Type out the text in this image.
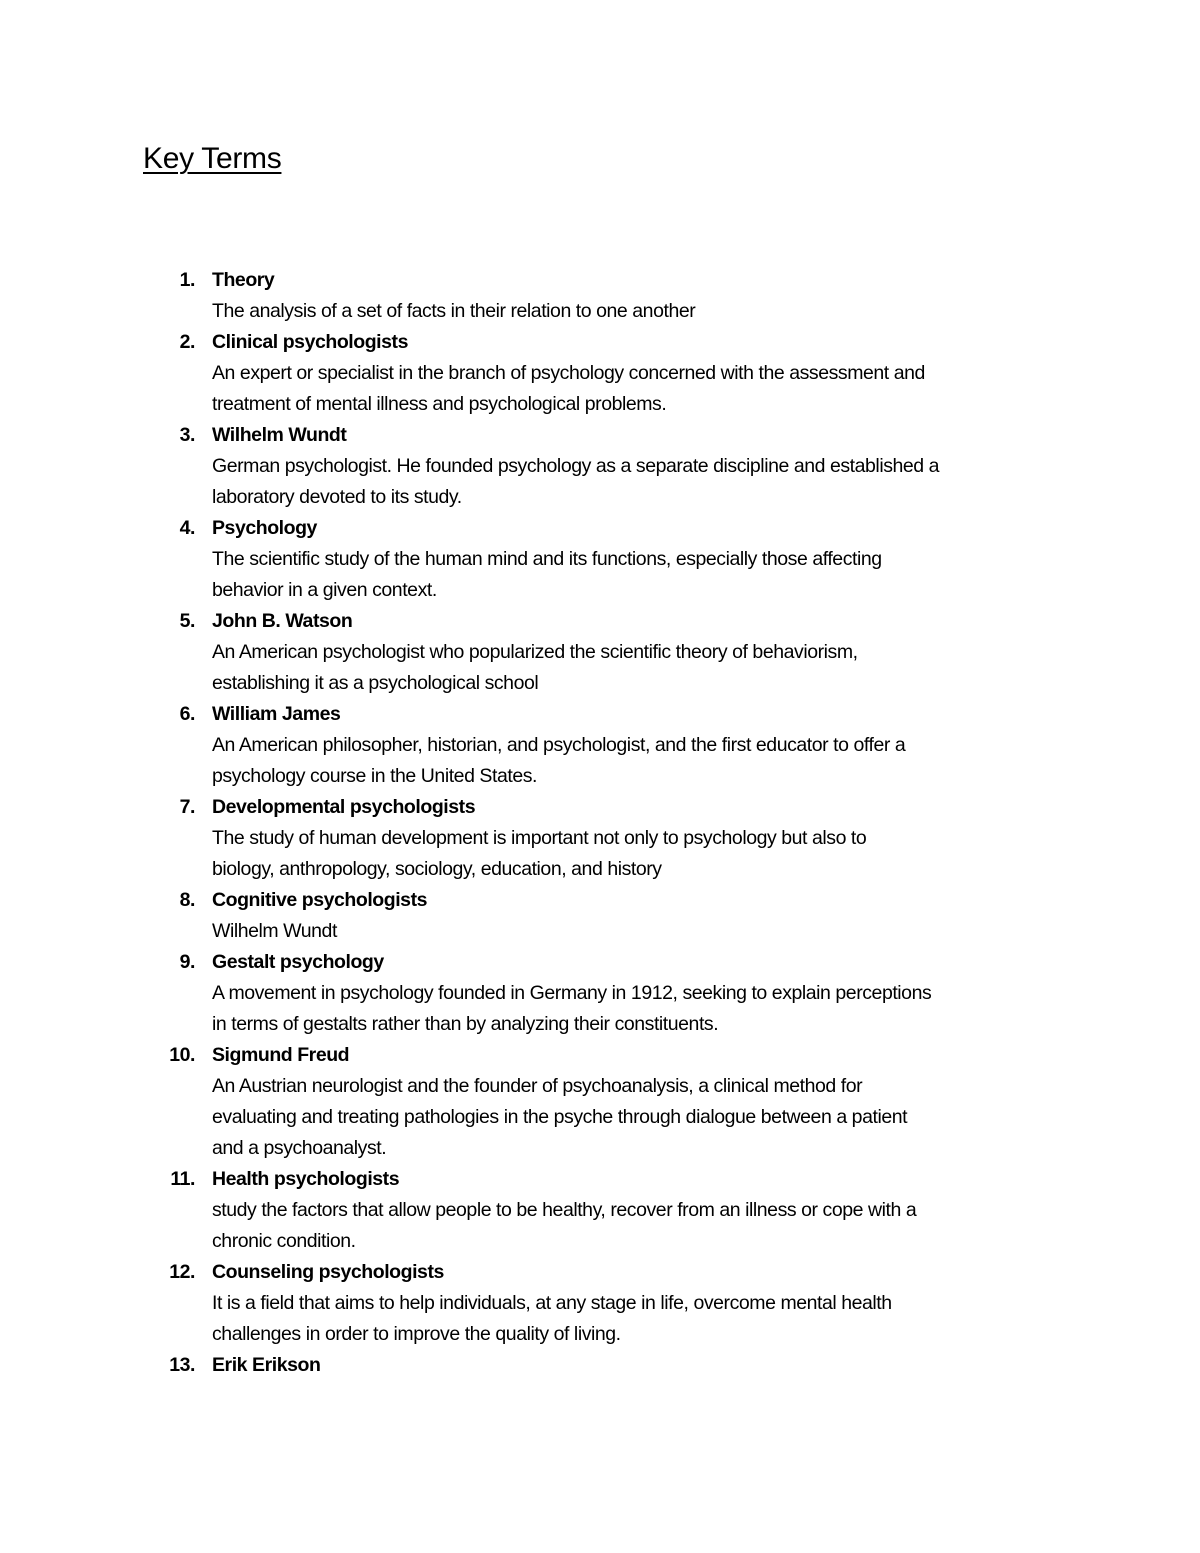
Key Terms
1. Theory
The analysis of a set of facts in their relation to one another
2. Clinical psychologists
An expert or specialist in the branch of psychology concerned with the assessment and
treatment of mental illness and psychological problems.
3. Wilhelm Wundt
German psychologist. He founded psychology as a separate discipline and established a
laboratory devoted to its study.
4. Psychology
The scientific study of the human mind and its functions, especially those affecting
behavior in a given context.
5. John B. Watson
An American psychologist who popularized the scientific theory of behaviorism,
establishing it as a psychological school
6. William James
An American philosopher, historian, and psychologist, and the first educator to offer a
psychology course in the United States.
7. Developmental psychologists
The study of human development is important not only to psychology but also to
biology, anthropology, sociology, education, and history
8. Cognitive psychologists
Wilhelm Wundt
9. Gestalt psychology
A movement in psychology founded in Germany in 1912, seeking to explain perceptions
in terms of gestalts rather than by analyzing their constituents.
10. Sigmund Freud
An Austrian neurologist and the founder of psychoanalysis, a clinical method for
evaluating and treating pathologies in the psyche through dialogue between a patient
and a psychoanalyst.
11. Health psychologists
study the factors that allow people to be healthy, recover from an illness or cope with a
chronic condition.
12. Counseling psychologists
It is a field that aims to help individuals, at any stage in life, overcome mental health
challenges in order to improve the quality of living.
13. Erik Erikson
